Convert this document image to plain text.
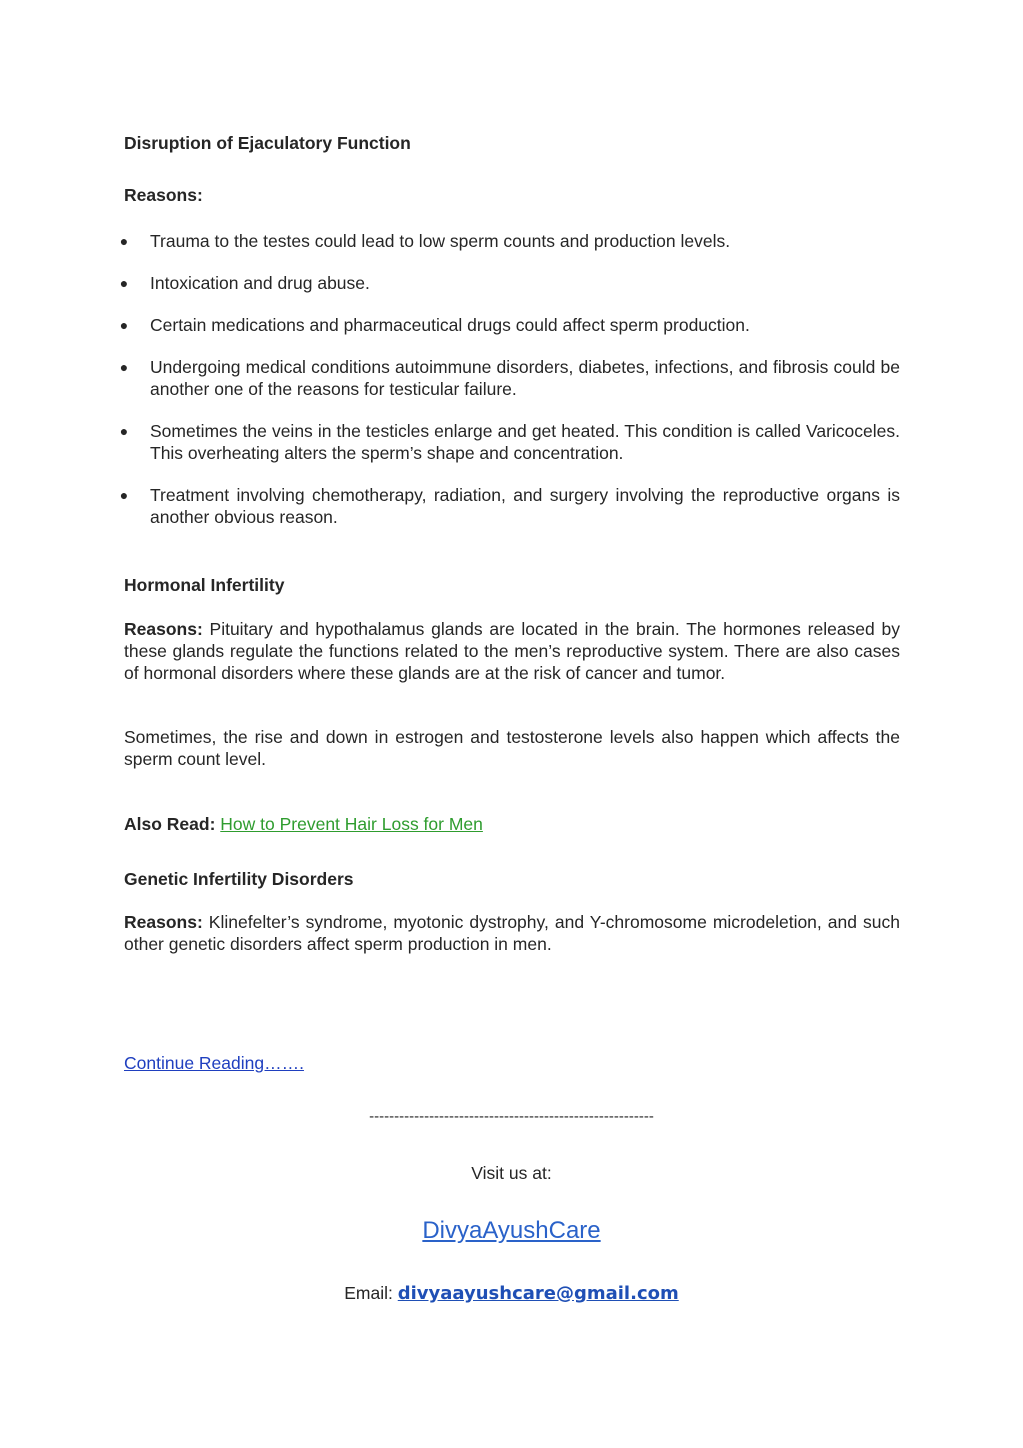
Disruption of Ejaculatory Function

Reasons:

● Trauma to the testes could lead to low sperm counts and production levels.
● Intoxication and drug abuse.
● Certain medications and pharmaceutical drugs could affect sperm production.
● Undergoing medical conditions autoimmune disorders, diabetes, infections, and fibrosis could be another one of the reasons for testicular failure.
● Sometimes the veins in the testicles enlarge and get heated. This condition is called Varicoceles. This overheating alters the sperm’s shape and concentration.
● Treatment involving chemotherapy, radiation, and surgery involving the reproductive organs is another obvious reason.
Hormonal Infertility

Reasons: Pituitary and hypothalamus glands are located in the brain. The hormones released by these glands regulate the functions related to the men’s reproductive system. There are also cases of hormonal disorders where these glands are at the risk of cancer and tumor.

Sometimes, the rise and down in estrogen and testosterone levels also happen which affects the sperm count level.

Also Read: How to Prevent Hair Loss for Men

Genetic Infertility Disorders

Reasons: Klinefelter’s syndrome, myotonic dystrophy, and Y-chromosome microdeletion, and such other genetic disorders affect sperm production in men.

Continue Reading…….

---------------------------------------------------------
Visit us at:
DivyaAyushCare
Email: divyaayushcare@gmail.com
